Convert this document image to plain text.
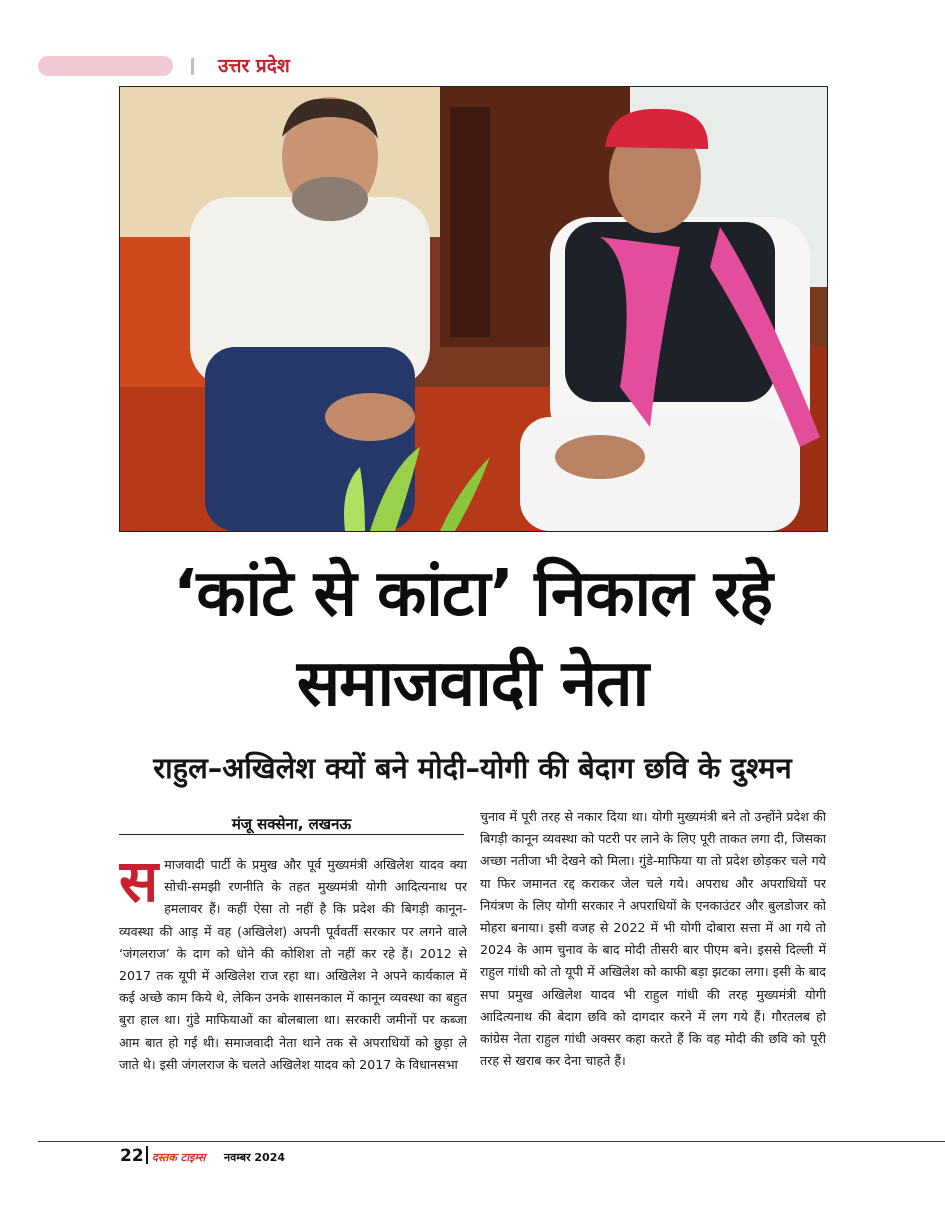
उत्तर प्रदेश
‘कांटे से कांटा’ निकाल रहे
समाजवादी नेता
राहुल–अखिलेश क्यों बने मोदी–योगी की बेदाग छवि के दुश्मन
मंजू सक्सेना, लखनऊ
समाजवादी पार्टी के प्रमुख और पूर्व मुख्यमंत्री अखिलेश यादव क्या सोची-समझी रणनीति के तहत मुख्यमंत्री योगी आदित्यनाथ पर हमलावर हैं। कहीं ऐसा तो नहीं है कि प्रदेश की बिगड़ी कानून-व्यवस्था की आड़ में वह (अखिलेश) अपनी पूर्ववर्ती सरकार पर लगने वाले ‘जंगलराज’ के दाग को धोने की कोशिश तो नहीं कर रहे हैं। 2012 से 2017 तक यूपी में अखिलेश राज रहा था। अखिलेश ने अपने कार्यकाल में कई अच्छे काम किये थे, लेकिन उनके शासनकाल में कानून व्यवस्था का बहुत बुरा हाल था। गुंडे माफियाओं का बोलबाला था। सरकारी जमीनों पर कब्जा आम बात हो गई थी। समाजवादी नेता थाने तक से अपराधियों को छुड़ा ले जाते थे। इसी जंगलराज के चलते अखिलेश यादव को 2017 के विधानसभा
चुनाव में पूरी तरह से नकार दिया था। योगी मुख्यमंत्री बने तो उन्होंने प्रदेश की बिगड़ी कानून व्यवस्था को पटरी पर लाने के लिए पूरी ताकत लगा दी, जिसका अच्छा नतीजा भी देखने को मिला। गुंडे-माफिया या तो प्रदेश छोड़कर चले गये या फिर जमानत रद्द कराकर जेल चले गये। अपराध और अपराधियों पर नियंत्रण के लिए योगी सरकार ने अपराधियों के एनकाउंटर और बुलडोजर को मोहरा बनाया। इसी वजह से 2022 में भी योगी दोबारा सत्ता में आ गये तो 2024 के आम चुनाव के बाद मोदी तीसरी बार पीएम बने। इससे दिल्ली में राहुल गांधी को तो यूपी में अखिलेश को काफी बड़ा झटका लगा। इसी के बाद सपा प्रमुख अखिलेश यादव भी राहुल गांधी की तरह मुख्यमंत्री योगी आदित्यनाथ की बेदाग छवि को दागदार करने में लग गये हैं। गौरतलब हो कांग्रेस नेता राहुल गांधी अक्सर कहा करते हैं कि वह मोदी की छवि को पूरी तरह से खराब कर देना चाहते हैं।
22 दस्तक टाइम्स नवम्बर 2024
